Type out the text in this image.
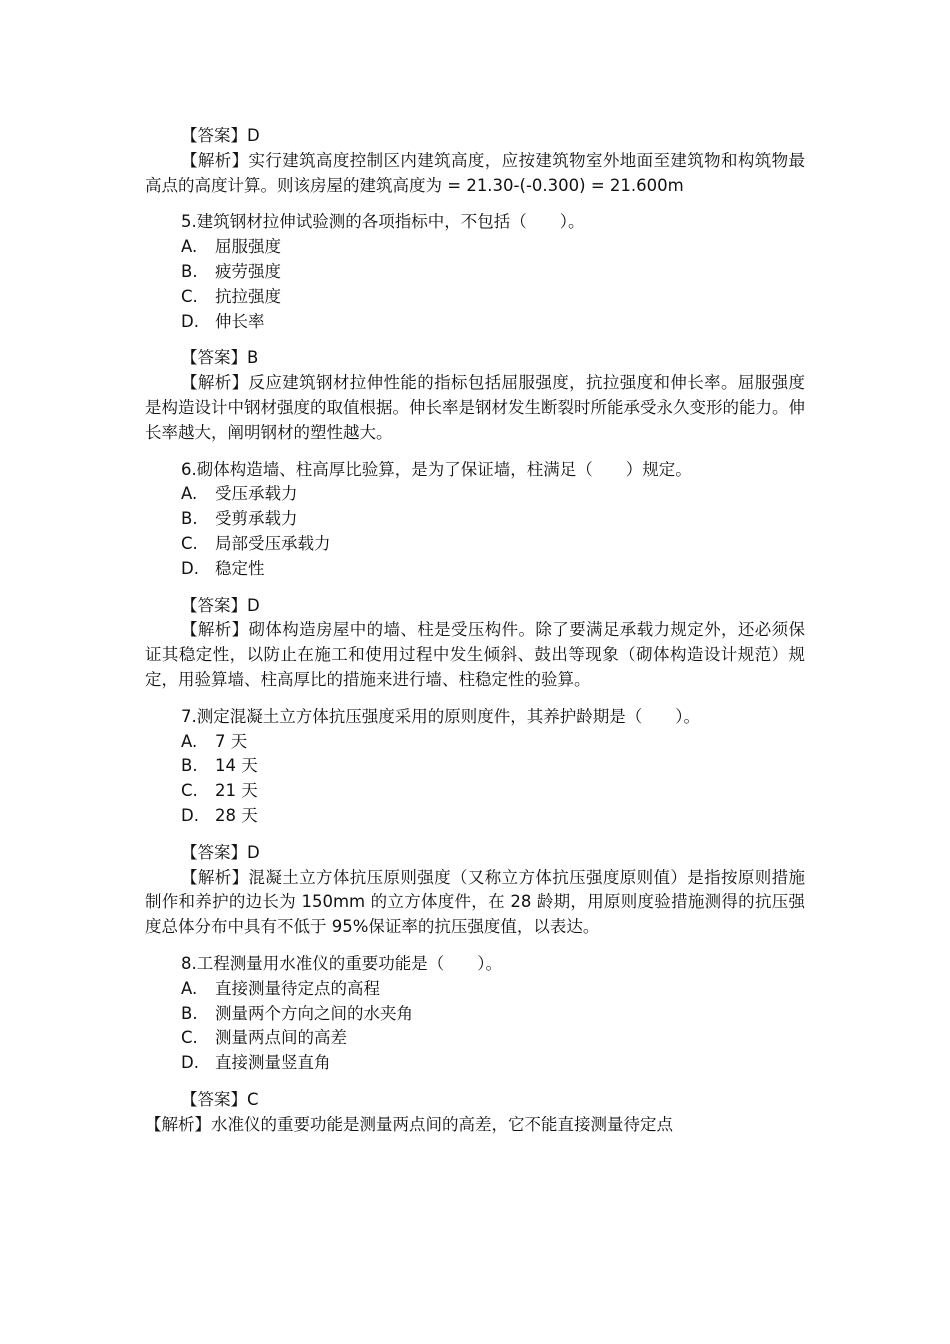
【答案】D
【解析】实行建筑高度控制区内建筑高度，应按建筑物室外地面至建筑物和构筑物最高点的高度计算。则该房屋的建筑高度为 = 21.30-(-0.300) = 21.600m
5.建筑钢材拉伸试验测的各项指标中，不包括（　　）。
A. 屈服强度
B. 疲劳强度
C. 抗拉强度
D. 伸长率
【答案】B
【解析】反应建筑钢材拉伸性能的指标包括屈服强度，抗拉强度和伸长率。屈服强度是构造设计中钢材强度的取值根据。伸长率是钢材发生断裂时所能承受永久变形的能力。伸长率越大，阐明钢材的塑性越大。
6.砌体构造墙、柱高厚比验算，是为了保证墙，柱满足（　　）规定。
A. 受压承载力
B. 受剪承载力
C. 局部受压承载力
D. 稳定性
【答案】D
【解析】砌体构造房屋中的墙、柱是受压构件。除了要满足承载力规定外，还必须保证其稳定性，以防止在施工和使用过程中发生倾斜、鼓出等现象（砌体构造设计规范）规定，用验算墙、柱高厚比的措施来进行墙、柱稳定性的验算。
7.测定混凝土立方体抗压强度采用的原则度件，其养护龄期是（　　）。
A. 7 天
B. 14 天
C. 21 天
D. 28 天
【答案】D
【解析】混凝土立方体抗压原则强度（又称立方体抗压强度原则值）是指按原则措施制作和养护的边长为 150mm 的立方体度件，在 28 龄期，用原则度验措施测得的抗压强度总体分布中具有不低于 95%保证率的抗压强度值，以表达。
8.工程测量用水准仪的重要功能是（　　）。
A. 直接测量待定点的高程
B. 测量两个方向之间的水夹角
C. 测量两点间的高差
D. 直接测量竖直角
【答案】C
【解析】水准仪的重要功能是测量两点间的高差，它不能直接测量待定点
